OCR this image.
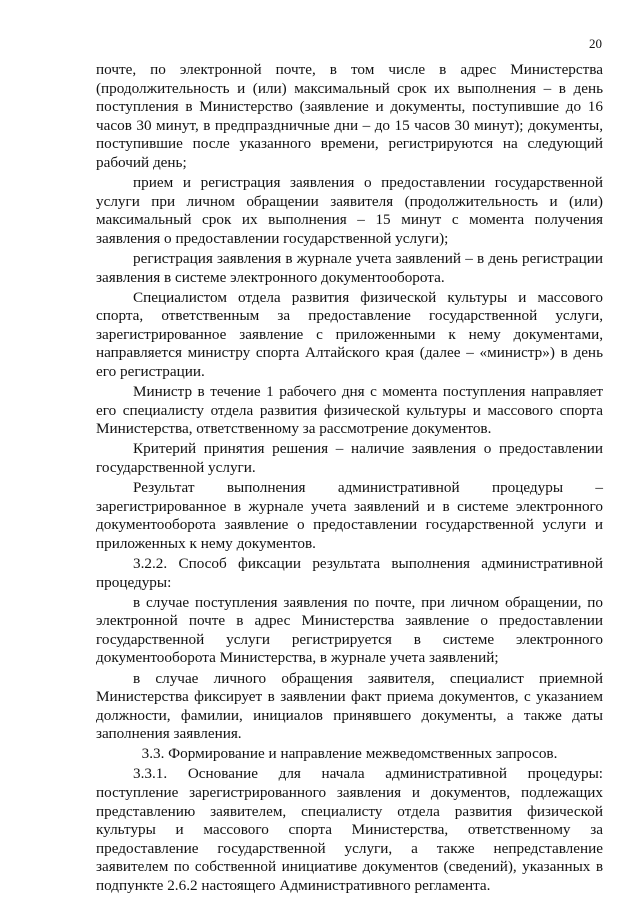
20

почте, по электронной почте, в том числе в адрес Министерства (продолжительность и (или) максимальный срок их выполнения – в день поступления в Министерство (заявление и документы, поступившие до 16 часов 30 минут, в предпраздничные дни – до 15 часов 30 минут); документы, поступившие после указанного времени, регистрируются на следующий рабочий день;

прием и регистрация заявления о предоставлении государственной услуги при личном обращении заявителя (продолжительность и (или) максимальный срок их выполнения – 15 минут с момента получения заявления о предоставлении государственной услуги);

регистрация заявления в журнале учета заявлений – в день регистрации заявления в системе электронного документооборота.

Специалистом отдела развития физической культуры и массового спорта, ответственным за предоставление государственной услуги, зарегистрированное заявление с приложенными к нему документами, направляется министру спорта Алтайского края (далее – «министр») в день его регистрации.

Министр в течение 1 рабочего дня с момента поступления направляет его специалисту отдела развития физической культуры и массового спорта Министерства, ответственному за рассмотрение документов.

Критерий принятия решения – наличие заявления о предоставлении государственной услуги.

Результат выполнения административной процедуры – зарегистрированное в журнале учета заявлений и в системе электронного документооборота заявление о предоставлении государственной услуги и приложенных к нему документов.

3.2.2. Способ фиксации результата выполнения административной процедуры:

в случае поступления заявления по почте, при личном обращении, по электронной почте в адрес Министерства заявление о предоставлении государственной услуги регистрируется в системе электронного документооборота Министерства, в журнале учета заявлений;

в случае личного обращения заявителя, специалист приемной Министерства фиксирует в заявлении факт приема документов, с указанием должности, фамилии, инициалов принявшего документы, а также даты заполнения заявления.

3.3. Формирование и направление межведомственных запросов.

3.3.1. Основание для начала административной процедуры: поступление зарегистрированного заявления и документов, подлежащих представлению заявителем, специалисту отдела развития физической культуры и массового спорта Министерства, ответственному за предоставление государственной услуги, а также непредставление заявителем по собственной инициативе документов (сведений), указанных в подпункте 2.6.2 настоящего Административного регламента.
